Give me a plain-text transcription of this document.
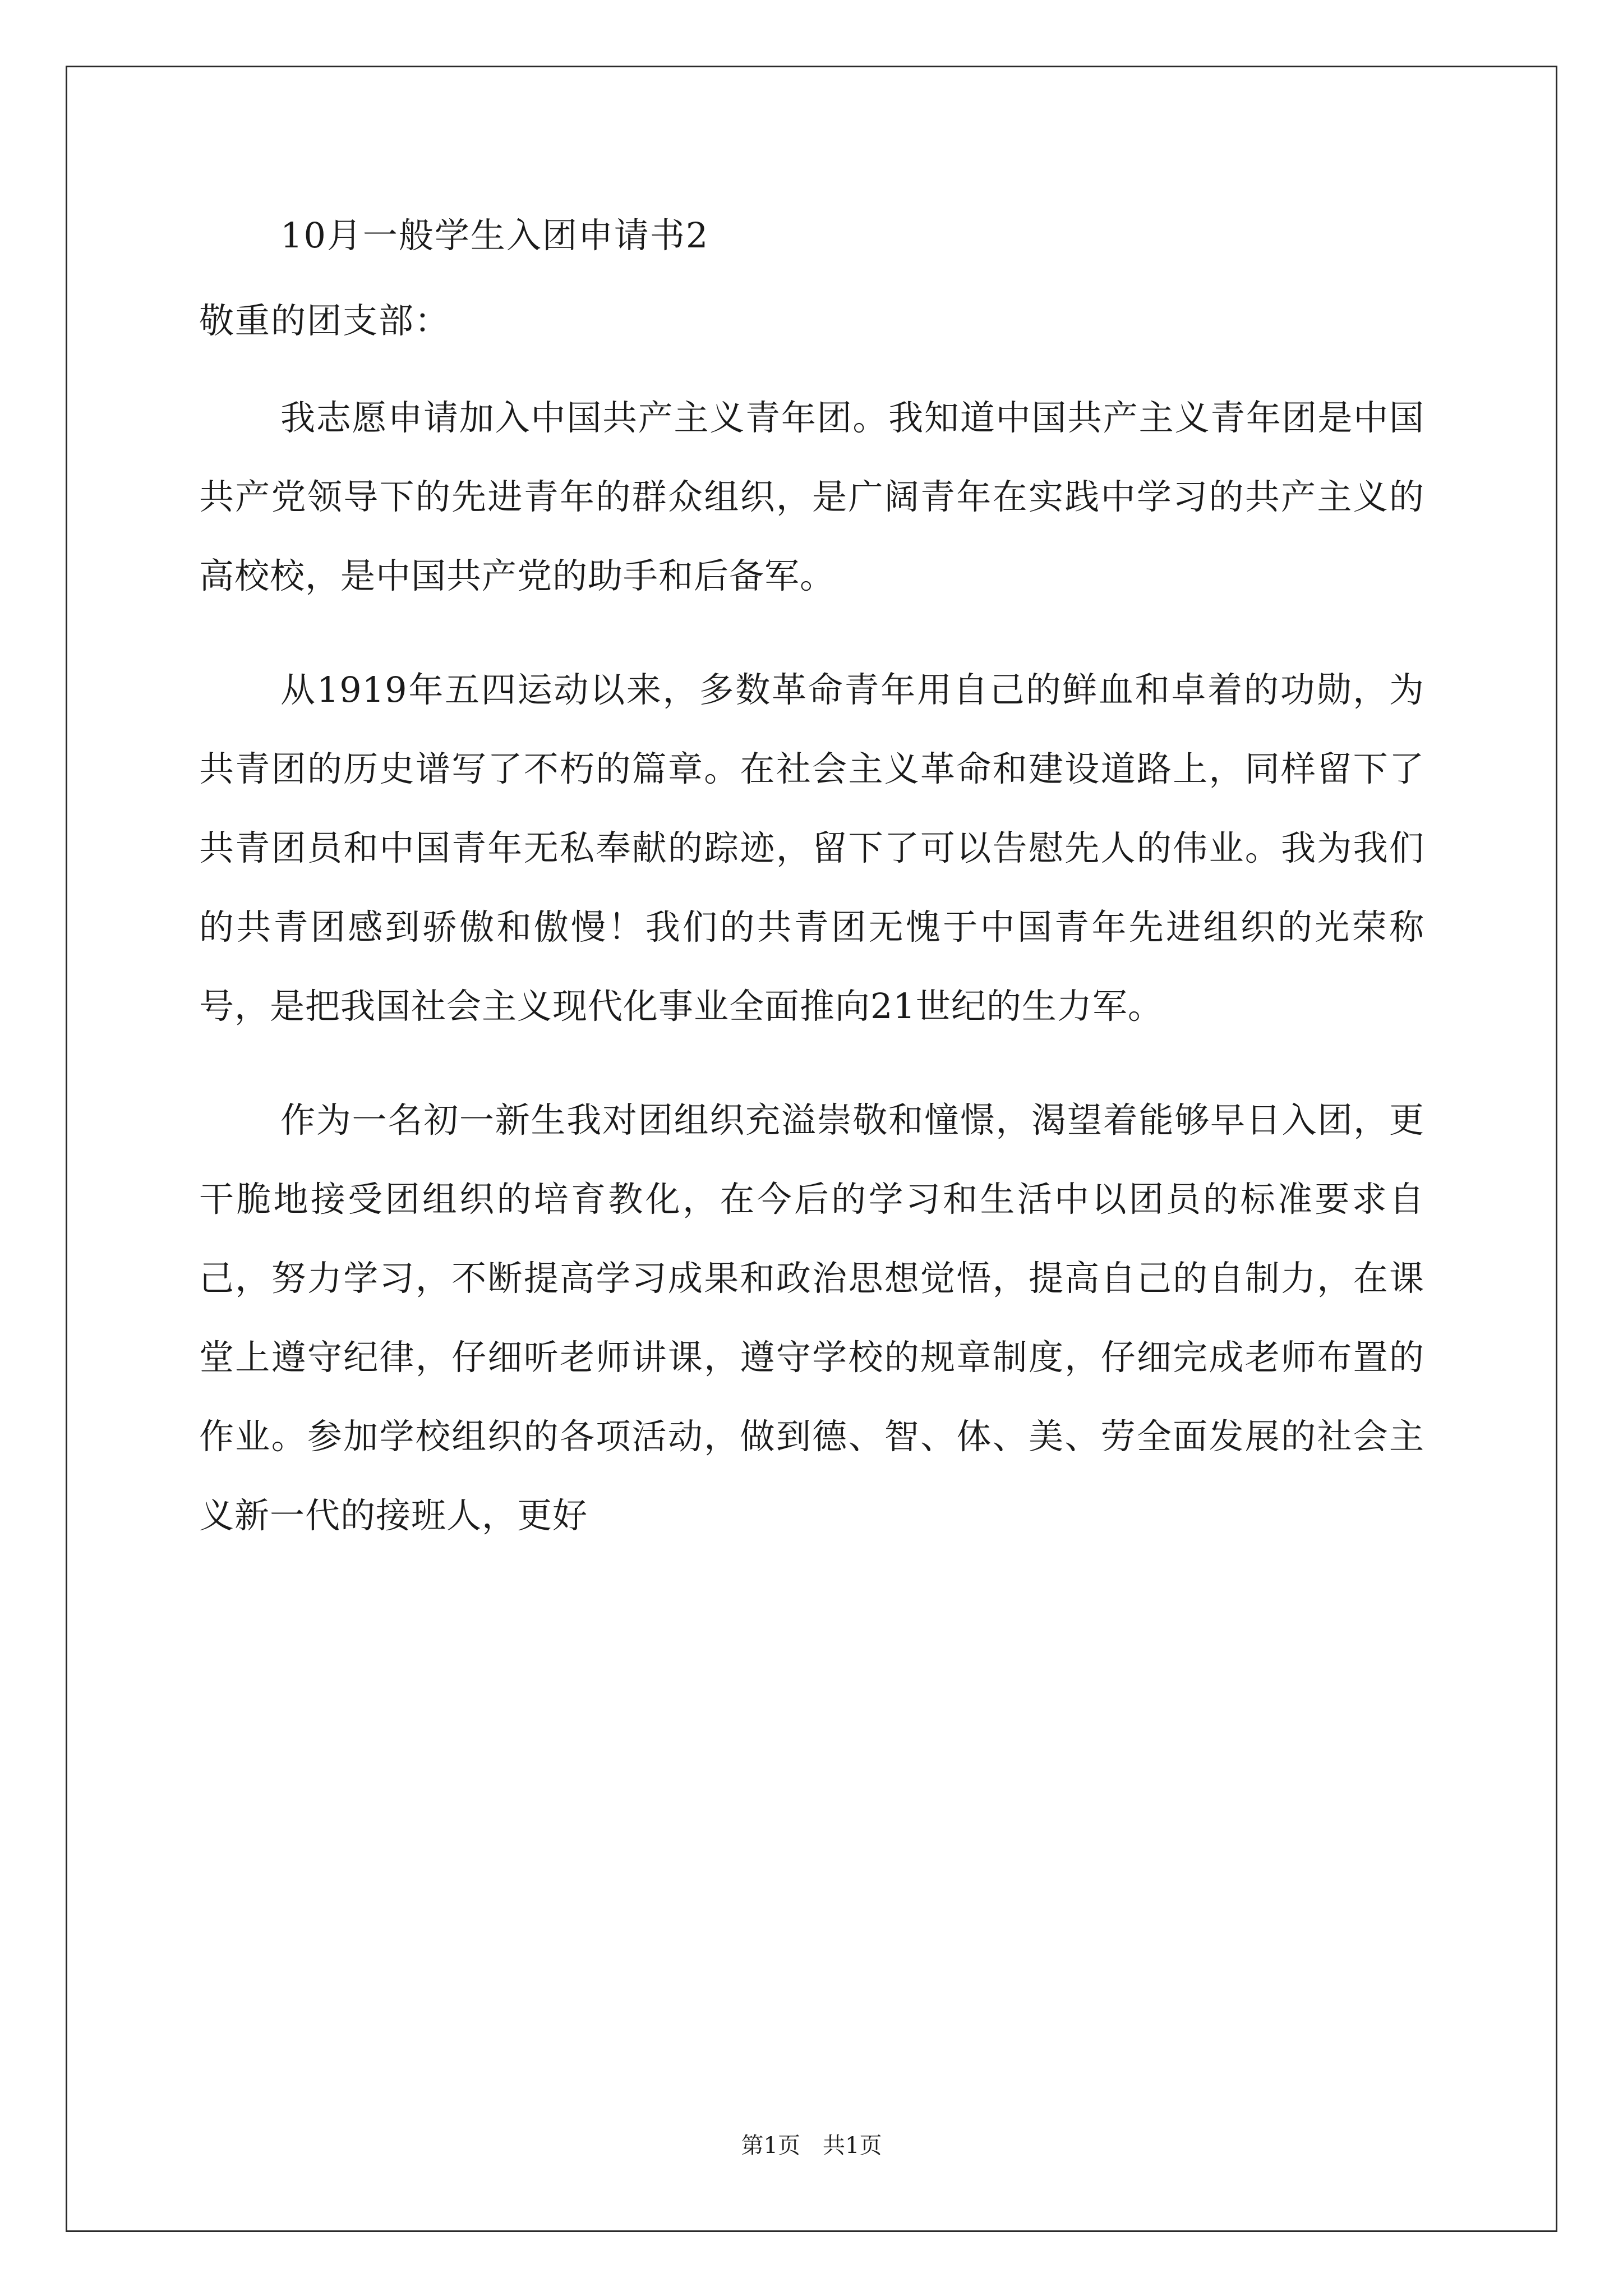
10月一般学生入团申请书2

敬重的团支部：

我志愿申请加入中国共产主义青年团。我知道中国共产主义青年团是中国共产党领导下的先进青年的群众组织，是广阔青年在实践中学习的共产主义的高校校，是中国共产党的助手和后备军。

从1919年五四运动以来，多数革命青年用自己的鲜血和卓着的功勋，为共青团的历史谱写了不朽的篇章。在社会主义革命和建设道路上，同样留下了共青团员和中国青年无私奉献的踪迹，留下了可以告慰先人的伟业。我为我们的共青团感到骄傲和傲慢！我们的共青团无愧于中国青年先进组织的光荣称号，是把我国社会主义现代化事业全面推向21世纪的生力军。

作为一名初一新生我对团组织充溢崇敬和憧憬，渴望着能够早日入团，更干脆地接受团组织的培育教化，在今后的学习和生活中以团员的标准要求自己，努力学习，不断提高学习成果和政治思想觉悟，提高自己的自制力，在课堂上遵守纪律，仔细听老师讲课，遵守学校的规章制度，仔细完成老师布置的作业。参加学校组织的各项活动，做到德、智、体、美、劳全面发展的社会主义新一代的接班人，更好

第1页　共1页
